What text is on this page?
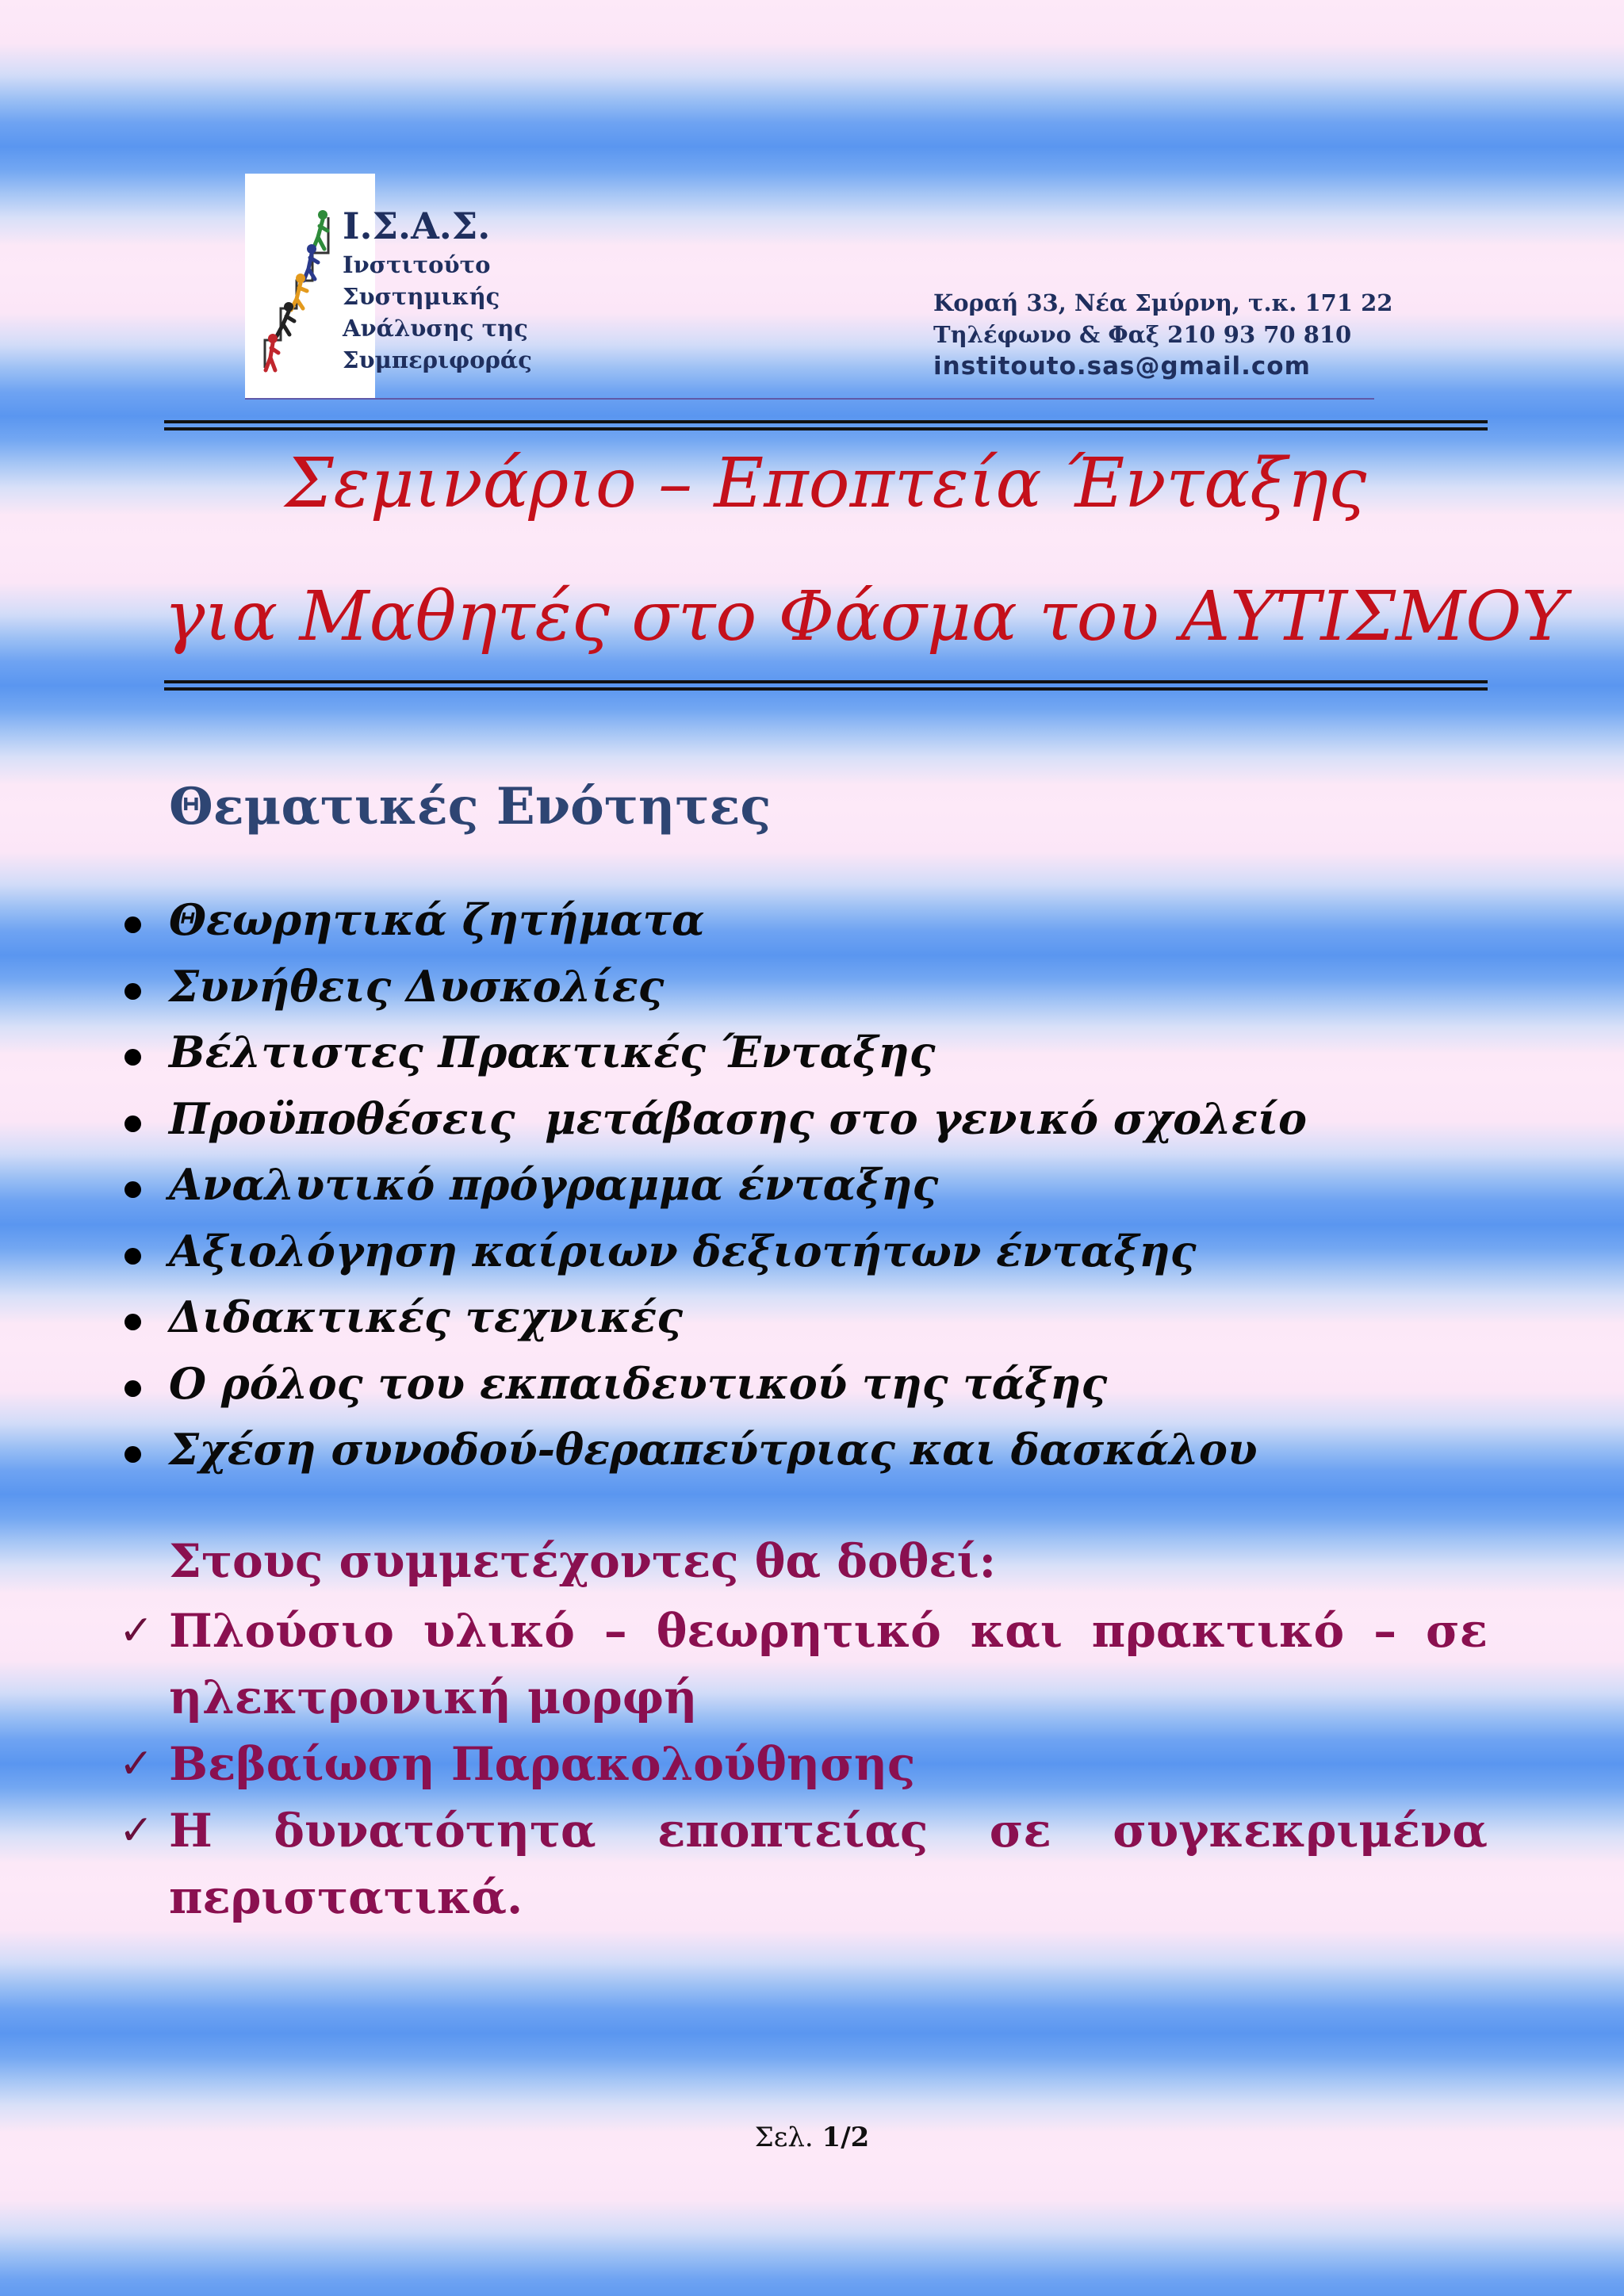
Ι.Σ.Α.Σ.
Ινστιτούτο
Συστημικής
Ανάλυσης της
Συμπεριφοράς
Κοραή 33, Νέα Σμύρνη, τ.κ. 171 22
Τηλέφωνο & Φαξ 210 93 70 810
institouto.sas@gmail.com
Σεμινάριο – Εποπτεία Ένταξης
για Μαθητές στο Φάσμα του ΑΥΤΙΣΜΟΥ
Θεματικές Ενότητες
Θεωρητικά ζητήματα
Συνήθεις Δυσκολίες
Βέλτιστες Πρακτικές Ένταξης
Προϋποθέσεις  μετάβασης στο γενικό σχολείο
Αναλυτικό πρόγραμμα ένταξης
Αξιολόγηση καίριων δεξιοτήτων ένταξης
Διδακτικές τεχνικές
Ο ρόλος του εκπαιδευτικού της τάξης
Σχέση συνοδού-θεραπεύτριας και δασκάλου
Στους συμμετέχοντες θα δοθεί:
✓ Πλούσιο υλικό – θεωρητικό και πρακτικό – σε
ηλεκτρονική μορφή
✓ Βεβαίωση Παρακολούθησης
✓ Η δυνατότητα εποπτείας σε συγκεκριμένα
περιστατικά.
Σελ. 1/2
